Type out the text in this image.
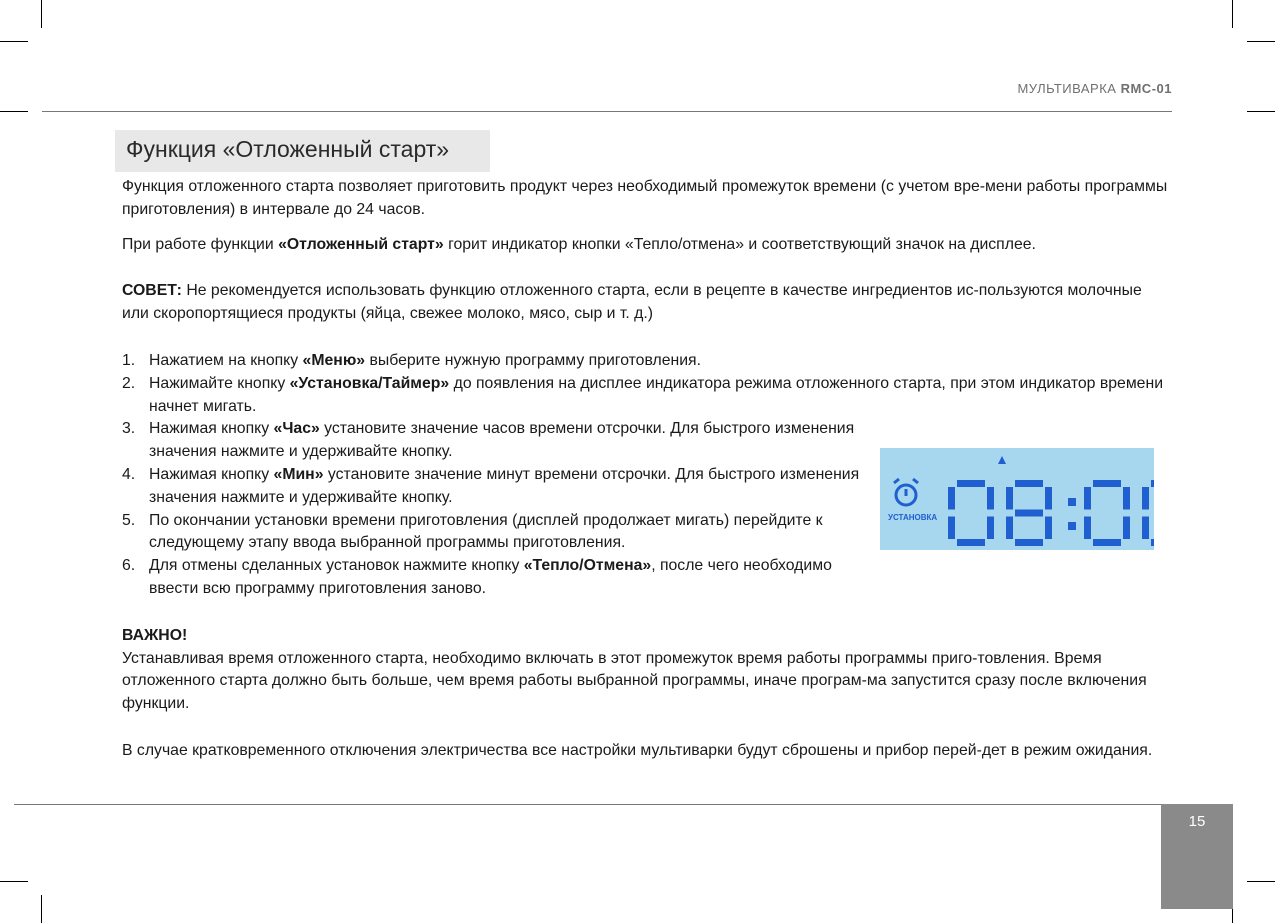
МУЛЬТИВАРКА RMC-01
Функция «Отложенный старт»

Функция отложенного старта позволяет приготовить продукт через необходимый промежуток времени (с учетом вре-мени работы программы приготовления) в интервале до 24 часов.

При работе функции «Отложенный старт» горит индикатор кнопки «Тепло/отмена» и соответствующий значок на дисплее.

СОВЕТ: Не рекомендуется использовать функцию отложенного старта, если в рецепте в качестве ингредиентов ис-пользуются молочные или скоропортящиеся продукты (яйца, свежее молоко, мясо, сыр и т. д.)

1. Нажатием на кнопку «Меню» выберите нужную программу приготовления.
2. Нажимайте кнопку «Установка/Таймер» до появления на дисплее индикатора режима отложенного старта, при этом индикатор времени начнет мигать.
3. Нажимая кнопку «Час» установите значение часов времени отсрочки. Для быстрого изменения значения нажмите и удерживайте кнопку.
4. Нажимая кнопку «Мин» установите значение минут времени отсрочки. Для быстрого изменения значения нажмите и удерживайте кнопку.
5. По окончании установки времени приготовления (дисплей продолжает мигать) перейдите к следующему этапу ввода выбранной программы приготовления.
6. Для отмены сделанных установок нажмите кнопку «Тепло/Отмена», после чего необходимо ввести всю программу приготовления заново.

ВАЖНО!

Устанавливая время отложенного старта, необходимо включать в этот промежуток время работы программы приго-товления. Время отложенного старта должно быть больше, чем время работы выбранной программы, иначе програм-ма запустится сразу после включения функции.

В случае кратковременного отключения электричества все настройки мультиварки будут сброшены и прибор перей-дет в режим ожидания.

УСТАНОВКА
15
